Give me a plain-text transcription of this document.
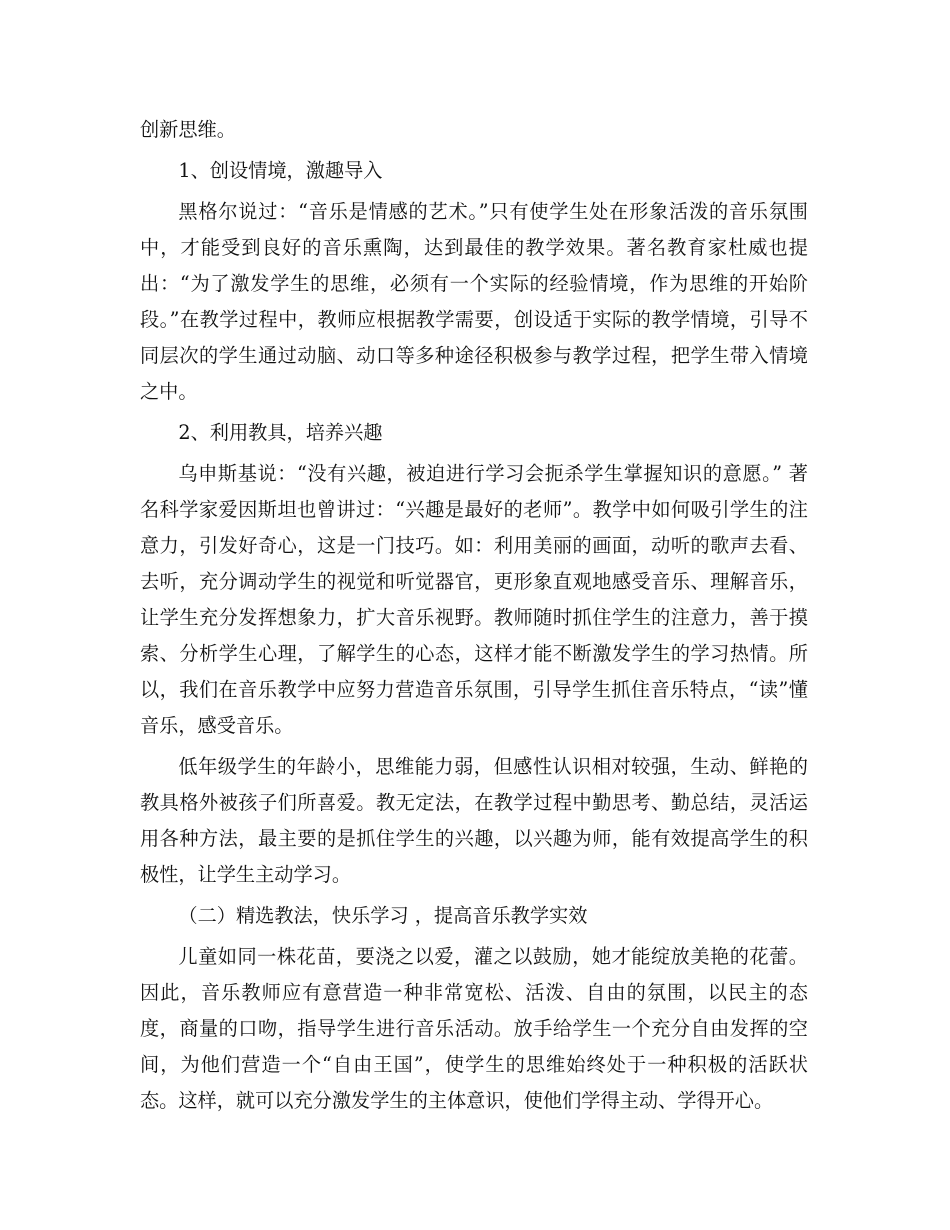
创新思维。

1、创设情境，激趣导入

黑格尔说过：“音乐是情感的艺术。”只有使学生处在形象活泼的音乐氛围中，才能受到良好的音乐熏陶，达到最佳的教学效果。著名教育家杜威也提出：“为了激发学生的思维，必须有一个实际的经验情境，作为思维的开始阶段。”在教学过程中，教师应根据教学需要，创设适于实际的教学情境，引导不同层次的学生通过动脑、动口等多种途径积极参与教学过程，把学生带入情境之中。

2、利用教具，培养兴趣

乌申斯基说：“没有兴趣，被迫进行学习会扼杀学生掌握知识的意愿。” 著名科学家爱因斯坦也曾讲过：“兴趣是最好的老师”。教学中如何吸引学生的注意力，引发好奇心，这是一门技巧。如：利用美丽的画面，动听的歌声去看、去听，充分调动学生的视觉和听觉器官，更形象直观地感受音乐、理解音乐，让学生充分发挥想象力，扩大音乐视野。教师随时抓住学生的注意力，善于摸索、分析学生心理，了解学生的心态，这样才能不断激发学生的学习热情。所以，我们在音乐教学中应努力营造音乐氛围，引导学生抓住音乐特点，“读”懂音乐，感受音乐。

低年级学生的年龄小，思维能力弱，但感性认识相对较强，生动、鲜艳的教具格外被孩子们所喜爱。教无定法，在教学过程中勤思考、勤总结，灵活运用各种方法，最主要的是抓住学生的兴趣，以兴趣为师，能有效提高学生的积极性，让学生主动学习。

（二）精选教法，快乐学习 ，提高音乐教学实效

儿童如同一株花苗，要浇之以爱，灌之以鼓励，她才能绽放美艳的花蕾。因此，音乐教师应有意营造一种非常宽松、活泼、自由的氛围，以民主的态度，商量的口吻，指导学生进行音乐活动。放手给学生一个充分自由发挥的空间，为他们营造一个“自由王国”，使学生的思维始终处于一种积极的活跃状态。这样，就可以充分激发学生的主体意识，使他们学得主动、学得开心。
